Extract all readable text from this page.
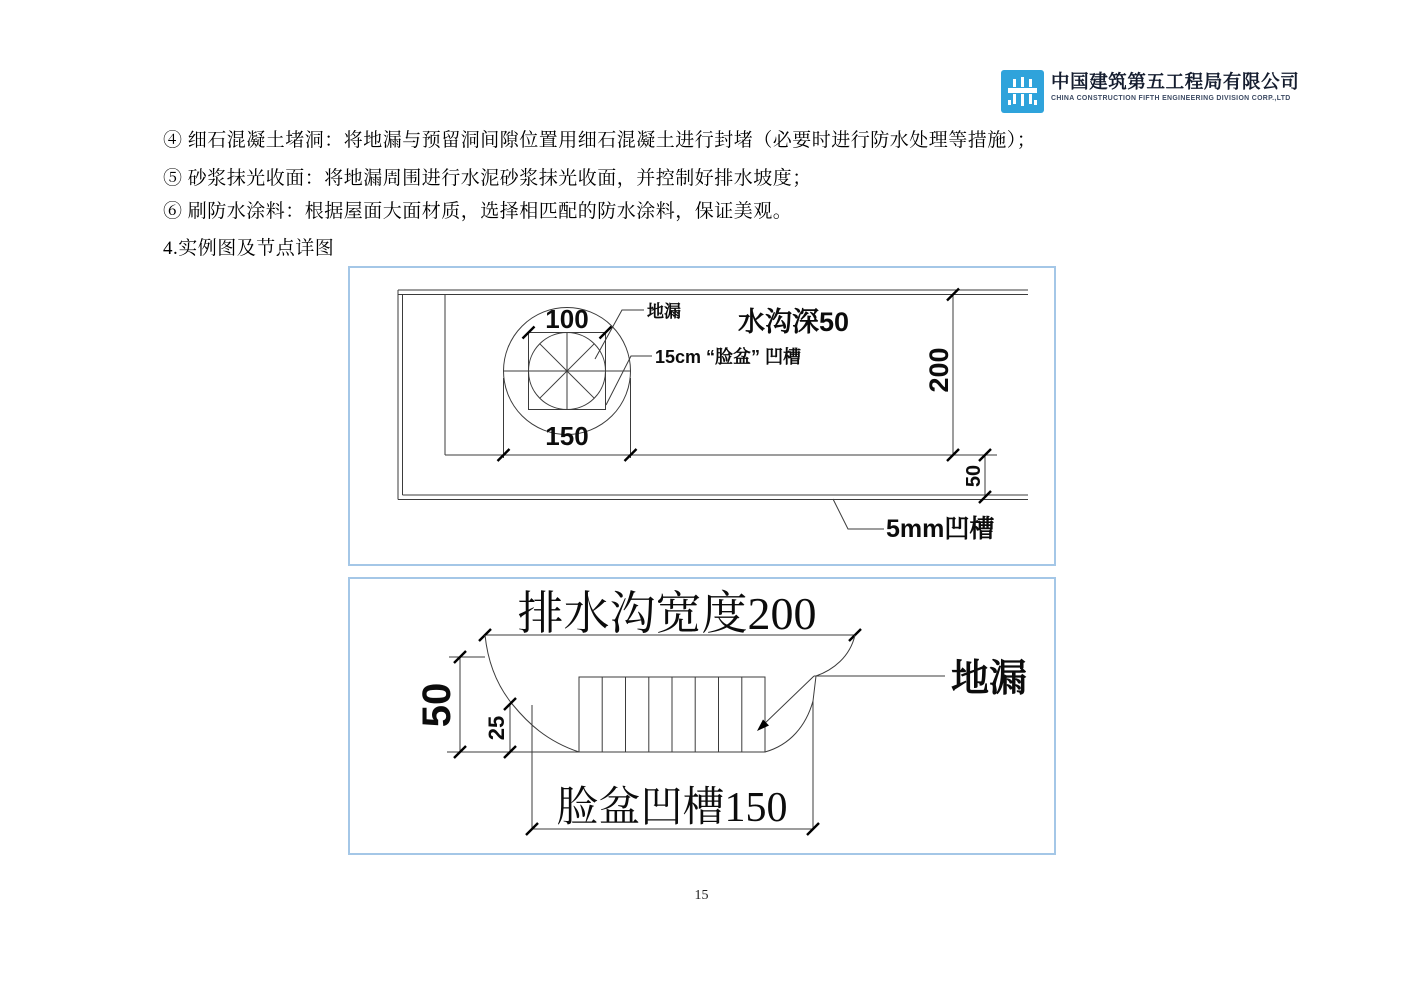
中国建筑第五工程局有限公司
CHINA CONSTRUCTION FIFTH ENGINEERING DIVISION CORP.,LTD
④ 细石混凝土堵洞：将地漏与预留洞间隙位置用细石混凝土进行封堵（必要时进行防水处理等措施）；
⑤ 砂浆抹光收面：将地漏周围进行水泥砂浆抹光收面，并控制好排水坡度；
⑥ 刷防水涂料：根据屋面大面材质，选择相匹配的防水涂料，保证美观。
4.实例图及节点详图
100
150
地漏
15cm “脸盆” 凹槽
水沟深50
200
50
5mm凹槽
排水沟宽度200
50
25
地漏
脸盆凹槽150
15
